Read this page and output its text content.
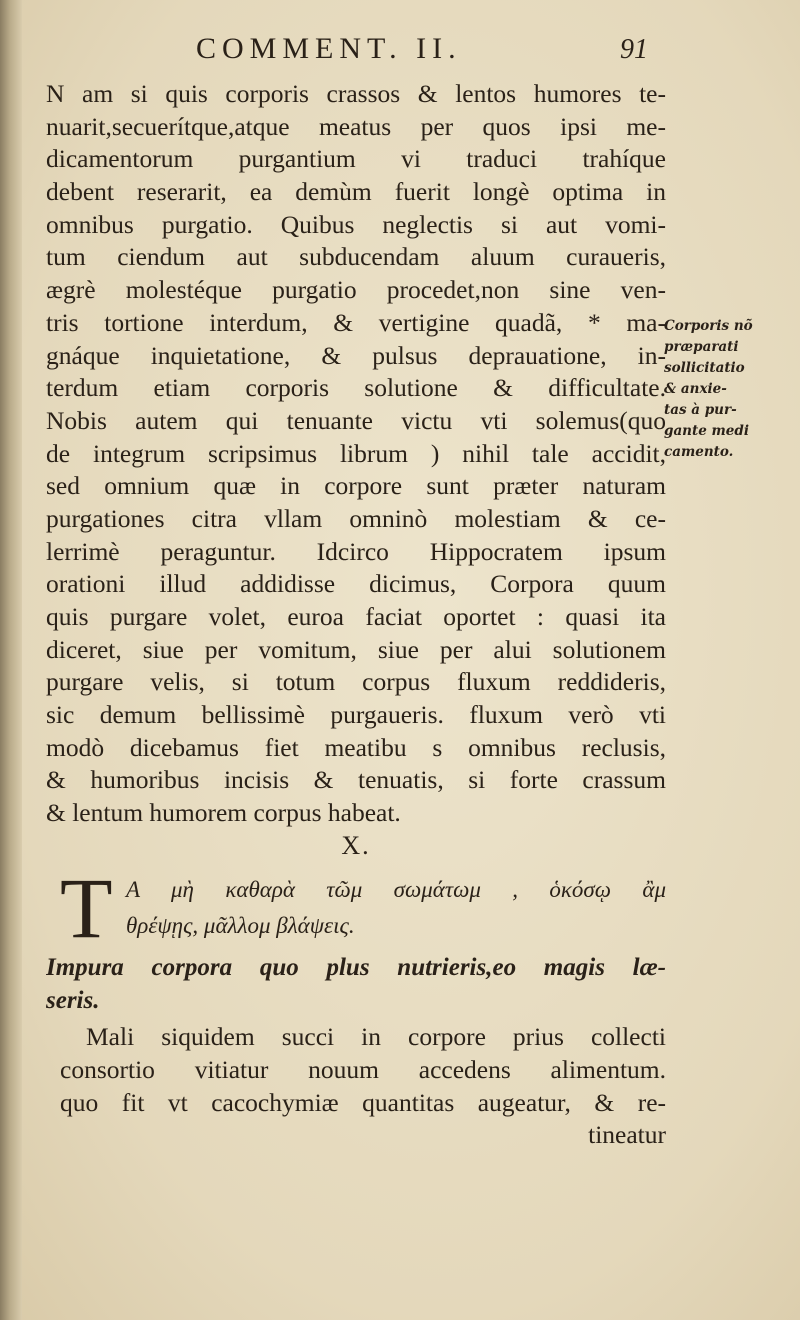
COMMENT. II.	91
N am si quis corporis crassos & lentos humores te-
nuarit,secuerítque,atque meatus per quos ipsi me-
dicamentorum purgantium vi traduci trahíque
debent reserarit, ea demùm fuerit longè optima in
omnibus purgatio. Quibus neglectis si aut vomi-
tum ciendum aut subducendam aluum curaueris,
ægrè molestéque purgatio procedet,non sine ven-
tris tortione interdum, & vertigine quadã, * ma-
gnáque inquietatione, & pulsus deprauatione, in-
terdum etiam corporis solutione & difficultate.
Nobis autem qui tenuante victu vti solemus(quo
de integrum scripsimus librum ) nihil tale accidit,
sed omnium quæ in corpore sunt præter naturam
purgationes citra vllam omninò molestiam & ce-
lerrimè peraguntur. Idcirco Hippocratem ipsum
orationi illud addidisse dicimus, Corpora quum
quis purgare volet, euroa faciat oportet : quasi ita
diceret, siue per vomitum, siue per alui solutionem
purgare velis, si totum corpus fluxum reddideris,
sic demum bellissimè purgaueris. fluxum verò vti
modò dicebamus fiet meatibu s omnibus reclusis,
& humoribus incisis & tenuatis, si forte crassum
& lentum humorem corpus habeat.
X.
T A μὴ καθαρὰ τῶμ σωμάτωμ , ὁκόσῳ ἂμ
θρέψῃς, μᾶλλομ βλάψεις.
Impura corpora quo plus nutrieris,eo magis læ-
seris.
Mali siquidem succi in corpore prius collecti
consortio vitiatur nouum accedens alimentum.
quo fit vt cacochymiæ quantitas augeatur, & re-
tineatur
Corporis nõ
præparati
sollicitatio
& anxie-
tas à pur-
gante medi
camento.
